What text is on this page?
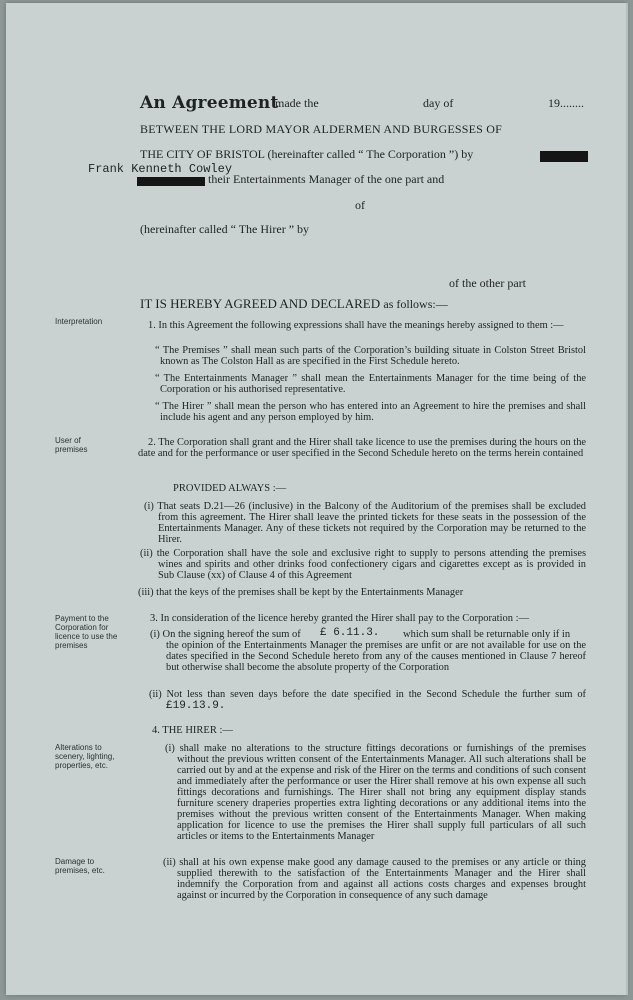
An Agreement
made the	day of	19........
BETWEEN THE LORD MAYOR ALDERMEN AND BURGESSES OF
THE CITY OF BRISTOL (hereinafter called “ The Corporation ”) by
Frank Kenneth Cowley
their Entertainments Manager of the one part and
of
(hereinafter called “ The Hirer ” by
of the other part
IT IS HEREBY AGREED AND DECLARED as follows:—
Interpretation
User of premises
Payment to the Corporation for licence to use the premises
Alterations to scenery, lighting, properties, etc.
Damage to premises, etc.
1. In this Agreement the following expressions shall have the meanings hereby assigned to them :—
“ The Premises ” shall mean such parts of the Corporation’s building situate in Colston Street Bristol known as The Colston Hall as are specified in the First Schedule hereto.
“ The Entertainments Manager ” shall mean the Entertainments Manager for the time being of the Corporation or his authorised representative.
“ The Hirer ” shall mean the person who has entered into an Agreement to hire the premises and shall include his agent and any person employed by him.
2. The Corporation shall grant and the Hirer shall take licence to use the premises during the hours on the date and for the performance or user specified in the Second Schedule hereto on the terms herein contained
PROVIDED ALWAYS :—
(i) That seats D.21—26 (inclusive) in the Balcony of the Auditorium of the premises shall be excluded from this agreement. The Hirer shall leave the printed tickets for these seats in the possession of the Entertainments Manager. Any of these tickets not required by the Corporation may be returned to the Hirer.
(ii) the Corporation shall have the sole and exclusive right to supply to persons attending the premises wines and spirits and other drinks food confectionery cigars and cigarettes except as is provided in Sub Clause (xx) of Clause 4 of this Agreement
(iii) that the keys of the premises shall be kept by the Entertainments Manager
3. In consideration of the licence hereby granted the Hirer shall pay to the Corporation :—
(i) On the signing hereof the sum of £ 6.11.3. which sum shall be returnable only if in
the opinion of the Entertainments Manager the premises are unfit or are not available for use on the dates specified in the Second Schedule hereto from any of the causes mentioned in Clause 7 hereof but otherwise shall become the absolute property of the Corporation
(ii) Not less than seven days before the date specified in the Second Schedule the further sum of £19.13.9.
4. THE HIRER :—
(i) shall make no alterations to the structure fittings decorations or furnishings of the premises without the previous written consent of the Entertainments Manager. All such alterations shall be carried out by and at the expense and risk of the Hirer on the terms and conditions of such consent and immediately after the performance or user the Hirer shall remove at his own expense all such fittings decorations and furnishings. The Hirer shall not bring any equipment display stands furniture scenery draperies properties extra lighting decorations or any additional items into the premises without the previous written consent of the Entertainments Manager. When making application for licence to use the premises the Hirer shall supply full particulars of all such articles or items to the Entertainments Manager
(ii) shall at his own expense make good any damage caused to the premises or any article or thing supplied therewith to the satisfaction of the Entertainments Manager and the Hirer shall indemnify the Corporation from and against all actions costs charges and expenses brought against or incurred by the Corporation in consequence of any such damage
